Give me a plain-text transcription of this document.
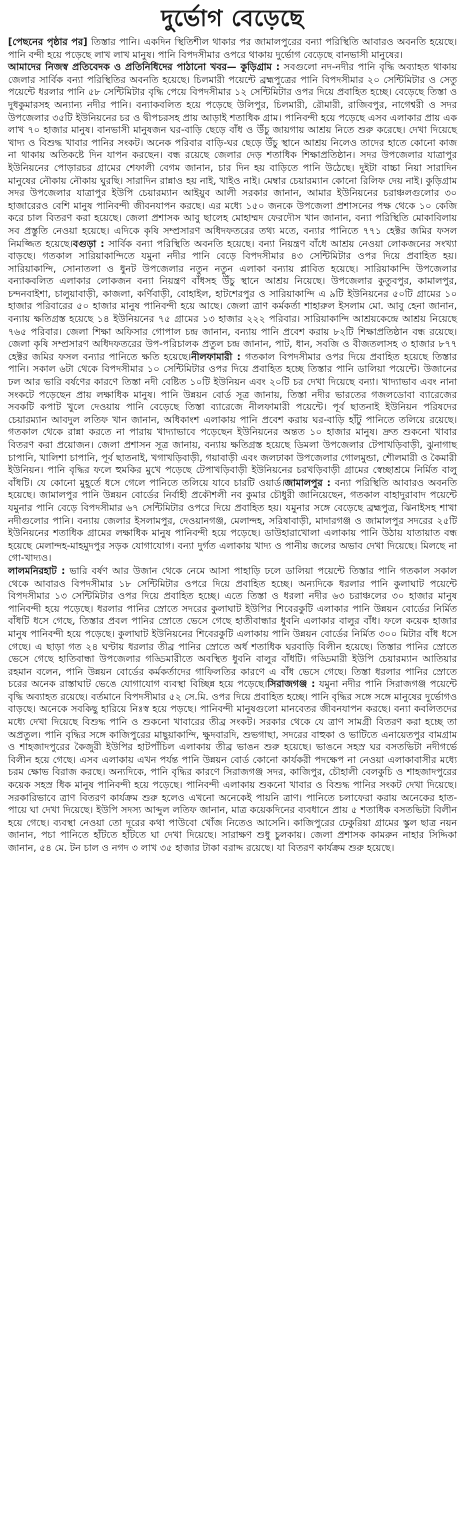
দুর্ভোগ বেড়েছে

[পেছনের পৃষ্ঠার পর] তিস্তার পানি। একদিন স্থিতিশীল থাকার পর জামালপুরের বন্যা পরিস্থিতি আবারও অবনতি হয়েছে। পানি বন্দী হয়ে পড়েছে লাখ লাখ মানুষ। পানি বিপদসীমার ওপরে থাকায় দুর্ভোগ বেড়েছে বানভাসী মানুষের।

আমাদের নিজস্ব প্রতিবেদক ও প্রতিনিধিদের পাঠানো খবর— কুড়িগ্রাম : সবগুলো নদ-নদীর পানি বৃদ্ধি অব্যাহত থাকায় জেলার সার্বিক বন্যা পরিস্থিতির অবনতি হয়েছে। চিলমারী পয়েন্টে ব্রহ্মপুত্রের পানি বিপদসীমার ২০ সেন্টিমিটার ও সেতু পয়েন্টে ধরলার পানি ৫৮ সেন্টিমিটার বৃদ্ধি পেয়ে বিপদসীমার ১২ সেন্টিমিটার ওপর দিয়ে প্রবাহিত হচ্ছে। বেড়েছে তিস্তা ও দুধকুমারসহ অন্যান্য নদীর পানি। বন্যাকবলিত হয়ে পড়েছে উলিপুর, চিলমারী, রৌমারী, রাজিবপুর, নাগেশ্বরী ও সদর উপজেলার ৩৫টি ইউনিয়নের চর ও দ্বীপচরসহ প্রায় আড়াই শতাধিক গ্রাম। পানিবন্দী হয়ে পড়েছে এসব এলাকার প্রায় এক লাখ ৭০ হাজার মানুষ। বানভাসী মানুষজন ঘর-বাড়ি ছেড়ে বাঁধ ও উঁচু জায়গায় আশ্রয় নিতে শুরু করেছে। দেখা দিয়েছে খাদ্য ও বিশুদ্ধ খাবার পানির সংকট। অনেক পরিবার বাড়ি-ঘর ছেড়ে উঁচু স্থানে আশ্রয় নিলেও তাদের হাতে কোনো কাজ না থাকায় অতিকষ্টে দিন যাপন করছেন। বন্ধ রয়েছে জেলার দেড় শতাধিক শিক্ষাপ্রতিষ্ঠান। সদর উপজেলার যাত্রাপুর ইউনিয়নের পোড়ারচর গ্রামের শেফালী বেগম জানান, চার দিন হয় বাড়িতে পানি উঠেছে। দুইটা বাচ্চা নিয়া সারাদিন মানুষের নৌকায় নৌকায় ঘুরছি। সারাদিন রান্নাও হয় নাই, খাইও নাই। মেম্বার চেয়ারম্যান কোনো রিলিফ দেয় নাই। কুড়িগ্রাম সদর উপজেলার যাত্রাপুর ইউপি চেয়ারম্যান আইয়ুব আলী সরকার জানান, আমার ইউনিয়নের চরাঞ্চলগুলোর ৩০ হাজারেরও বেশি মানুষ পানিবন্দী জীবনযাপন করছে। এর মধ্যে ১৫০ জনকে উপজেলা প্রশাসনের পক্ষ থেকে ১০ কেজি করে চাল বিতরণ করা হয়েছে। জেলা প্রশাসক আবু ছালেহ মোহাম্মদ ফেরদৌস খান জানান, বন্যা পরিস্থিতি মোকাবিলায় সব প্রস্তুতি নেওয়া হয়েছে। এদিকে কৃষি সম্প্রসারণ অধিদফতরের তথ্য মতে, বন্যার পানিতে ৭৭১ হেক্টর জমির ফসল নিমজ্জিত হয়েছে।বগুড়া : সার্বিক বন্যা পরিস্থিতি অবনতি হয়েছে। বন্যা নিয়ন্ত্রণ বাঁধে আশ্রয় নেওয়া লোকজনের সংখ্যা বাড়ছে। গতকাল সারিয়াকান্দিতে যমুনা নদীর পানি বেড়ে বিপদসীমার ৪৩ সেন্টিমিটার ওপর দিয়ে প্রবাহিত হয়। সারিয়াকান্দি, সোনাতলা ও ধুনট উপজেলার নতুন নতুন এলাকা বন্যায় প্লাবিত হয়েছে। সারিয়াকান্দি উপজেলার বন্যাকবলিত এলাকার লোকজন বন্যা নিয়ন্ত্রণ বাঁধসহ উঁচু স্থানে আশ্রয় নিয়েছে। উপজেলার কুতুবপুর, কামালপুর, চন্দনবাইশা, চালুয়াবাড়ী, কাজলা, কর্ণিবাড়ী, বোহাইল, হাটশেরপুর ও সারিয়াকান্দি এ ৯টি ইউনিয়নের ৫০টি গ্রামের ১০ হাজার পরিবারের ৫০ হাজার মানুষ পানিবন্দী হয়ে আছে। জেলা ত্রাণ কর্মকর্তা শাহারুল ইসলাম মো. আবু হেনা জানান, বন্যায় ক্ষতিগ্রস্ত হয়েছে ১৪ ইউনিয়নের ৭৫ গ্রামের ১৩ হাজার ২২২ পরিবার। সারিয়াকান্দি আশ্রয়কেন্দ্রে আশ্রয় নিয়েছে ৭৬৫ পরিবার। জেলা শিক্ষা অফিসার গোপাল চন্দ্র জানান, বন্যায় পানি প্রবেশ করায় ৮২টি শিক্ষাপ্রতিষ্ঠান বন্ধ রয়েছে। জেলা কৃষি সম্প্রসারণ অধিদফতরের উপ-পরিচালক প্রতুল চন্দ্র জানান, পাট, ধান, সবজি ও বীজতলাসহ ৩ হাজার ৮৭৭ হেক্টর জমির ফসল বন্যার পানিতে ক্ষতি হয়েছে।নীলফামারী : গতকাল বিপদসীমার ওপর দিয়ে প্রবাহিত হয়েছে তিস্তার পানি। সকাল ৬টা থেকে বিপদসীমার ১০ সেন্টিমিটার ওপর দিয়ে প্রবাহিত হচ্ছে তিস্তার পানি ডালিয়া পয়েন্টে। উজানের ঢল আর ভারি বর্ষণের কারণে তিস্তা নদী বেষ্টিত ১০টি ইউনিয়ন এবং ২০টি চর দেখা দিয়েছে বন্যা। খাদ্যাভাব এবং নানা সংকটে পড়েছেন প্রায় লক্ষাধিক মানুষ। পানি উন্নয়ন বোর্ড সূত্র জানায়, তিস্তা নদীর ভারতের গজলডোবা ব্যারেজের সবকটি কপাট খুলে দেওয়ায় পানি বেড়েছে তিস্তা ব্যারেজে নীলফামারী পয়েন্টে। পূর্ব ছাতনাই ইউনিয়ন পরিষদের চেয়ারম্যান আবদুল লতিফ খান জানান, অধিকাংশ এলাকায় পানি প্রবেশ করায় ঘর-বাড়ি হাঁটু পানিতে তলিয়ে রয়েছে। গতকাল থেকে রান্না করতে না পারায় খাদ্যাভাবে পড়েছেন ইউনিয়নের অন্তত ১০ হাজার মানুষ। দ্রুত শুকনো খাবার বিতরণ করা প্রয়োজন। জেলা প্রশাসন সূত্র জানায়, বন্যায় ক্ষতিগ্রস্ত হয়েছে ডিমলা উপজেলার টেপাখড়িবাড়ী, ঝুনাগাছ চাপানি, খালিশা চাপানি, পূর্ব ছাতনাই, খগাখড়িবাড়ী, গয়াবাড়ী এবং জলঢাকা উপজেলার গোলমুন্ডা, শৌলমারী ও কৈমারী ইউনিয়ন। পানি বৃদ্ধির ফলে হুমকির মুখে পড়েছে টেপাখড়িবাড়ী ইউনিয়নের চরখড়িবাড়ী গ্রামের স্বেচ্ছাশ্রমে নির্মিত বালু বাঁধটি। যে কোনো মুহূর্তে ধসে গেলে পানিতে তলিয়ে যাবে চারটি ওয়ার্ড।জামালপুর : বন্যা পরিস্থিতি আবারও অবনতি হয়েছে। জামালপুর পানি উন্নয়ন বোর্ডের নির্বাহী প্রকৌশলী নব কুমার চৌধুরী জানিয়েছেন, গতকাল বাহাদুরাবাদ পয়েন্টে যমুনার পানি বেড়ে বিপদসীমার ৬৭ সেন্টিমিটার ওপরে দিয়ে প্রবাহিত হয়। যমুনার সঙ্গে বেড়েছে ব্রহ্মপুত্র, ঝিনাইসহ শাখা নদীগুলোর পানি। বন্যায় জেলার ইসলামপুর, দেওয়ানগঞ্জ, মেলান্দহ, সরিষাবাড়ী, মাদারগঞ্জ ও জামালপুর সদরের ২৫টি ইউনিয়নের শতাধিক গ্রামের লক্ষাধিক মানুষ পানিবন্দী হয়ে পড়েছে। ডাউহারাখোলা এলাকায় পানি উঠায় যাতায়াত বন্ধ হয়েছে মেলান্দহ-মাহমুদপুর সড়ক যোগাযোগ। বন্যা দুর্গত এলাকায় খাদ্য ও পানীয় জলের অভাব দেখা দিয়েছে। মিলছে না গো-খাদ্যও।

লালমনিরহাট : ভারি বর্ষণ আর উজান থেকে নেমে আসা পাহাড়ি ঢলে ডালিয়া পয়েন্টে তিস্তার পানি গতকাল সকাল থেকে আবারও বিপদসীমার ১৮ সেন্টিমিটার ওপরে দিয়ে প্রবাহিত হচ্ছে। অন্যদিকে ধরলার পানি কুলাঘাট পয়েন্টে বিপদসীমার ১৩ সেন্টিমিটার ওপর দিয়ে প্রবাহিত হচ্ছে। এতে তিস্তা ও ধরলা নদীর ৬৩ চরাঞ্চলের ৩০ হাজার মানুষ পানিবন্দী হয়ে পড়েছে। ধরলার পানির স্রোতে সদরের কুলাঘাট ইউপির শিবেরকুটি এলাকার পানি উন্নয়ন বোর্ডের নির্মিত বাঁধটি ধসে গেছে, তিস্তার প্রবল পানির স্রোতে ভেসে গেছে হাতীবান্ধার ধুবনি এলাকার বালুর বাঁধ। ফলে কয়েক হাজার মানুষ পানিবন্দী হয়ে পড়েছে। কুলাঘাট ইউনিয়নের শিবেরকুটি এলাকায় পানি উন্নয়ন বোর্ডের নির্মিত ৩০০ মিটার বাঁধ ধসে গেছে। এ ছাড়া গত ২৪ ঘণ্টায় ধরলার তীব্র পানির স্রোতে অর্ধ শতাধিক ঘরবাড়ি বিলীন হয়েছে। তিস্তার পানির স্রোতে ভেসে গেছে হাতিবান্ধা উপজেলার গড্ডিমারীতে অবস্থিত ধুবনি বালুর বাঁধটি। গড্ডিমারী ইউপি চেয়ারম্যান আতিয়ার রহমান বলেন, পানি উন্নয়ন বোর্ডের কর্মকর্তাদের গাফিলতির কারণে এ বাঁধ ভেসে গেছে। তিস্তা ধরলার পানির স্রোতে চরের অনেক রাস্তাঘাট ভেঙে যোগাযোগ ব্যবস্থা বিচ্ছিন্ন হয়ে পড়েছে।সিরাজগঞ্জ : যমুনা নদীর পানি সিরাজগঞ্জ পয়েন্টে বৃদ্ধি অব্যাহত রয়েছে। বর্তমানে বিপদসীমার ৫২ সে.মি. ওপর দিয়ে প্রবাহিত হচ্ছে। পানি বৃদ্ধির সঙ্গে সঙ্গে মানুষের দুর্ভোগও বাড়ছে। অনেকে সবকিছু হারিয়ে নিঃস্ব হয়ে পড়ছে। পানিবন্দী মানুষগুলো মানবেতর জীবনযাপন করছে। বন্যা কবলিতদের মধ্যে দেখা দিয়েছে বিশুদ্ধ পানি ও শুকনো খাবারের তীব্র সংকট। সরকার থেকে যে ত্রাণ সামগ্রী বিতরণ করা হচ্ছে তা অপ্রতুল। পানি বৃদ্ধির সঙ্গে কাজিপুরের মাছুয়াকান্দি, ক্ষুদবারদি, শুভগাছা, সদরের বাহুকা ও ভাটিতে এনায়েতপুর বামগ্রাম ও শাহজাদপুরের কৈজুরী ইউপির হাটপাঁচিল এলাকায় তীব্র ভাঙন শুরু হয়েছে। ভাঙনে সহস্র ঘর বসতভিটা নদীগর্ভে বিলীন হয়ে গেছে। এসব এলাকায় এখন পর্যন্ত পানি উন্নয়ন বোর্ড কোনো কার্যকরী পদক্ষেপ না নেওয়া এলাকাবাসীর মধ্যে চরম ক্ষোভ বিরাজ করছে। অন্যদিকে, পানি বৃদ্ধির কারণে সিরাজগঞ্জ সদর, কাজিপুর, চৌহালী বেলকুচি ও শাহজাদপুরের কয়েক সহস্র ধিক মানুষ পানিবন্দী হয়ে পড়েছে। পানিবন্দী এলাকায় শুকনো খাবার ও বিশুদ্ধ পানির সংকট দেখা দিয়েছে। সরকারিভাবে ত্রাণ বিতরণ কার্যক্রম শুরু হলেও এখনো অনেকেই পায়নি ত্রাণ। পানিতে চলাফেরা করায় অনেকের হাত-পায়ে ঘা দেখা দিয়েছে। ইউপি সদস্য আব্দুল লতিফ জানান, মাত্র কয়েকদিনের ব্যবধানে প্রায় ৫ শতাধিক বসতভিটা বিলীন হয়ে গেছে। ব্যবস্থা নেওয়া তো দূরের কথা পাউবো খোঁজ নিতেও আসেনি। কাজিপুরের ঢেকুরিয়া গ্রামের স্কুল ছাত্র নয়ন জানান, পচা পানিতে হাঁটতে হাঁটতে ঘা দেখা দিয়েছে। সারাক্ষণ শুধু চুলকায়। জেলা প্রশাসক কামরুন নাহার সিদ্দিকা জানান, ৫৪ মে. টন চাল ও নগদ ৩ লাখ ৩৫ হাজার টাকা বরাদ্দ রয়েছে। যা বিতরণ কার্যক্রম শুরু হয়েছে।
